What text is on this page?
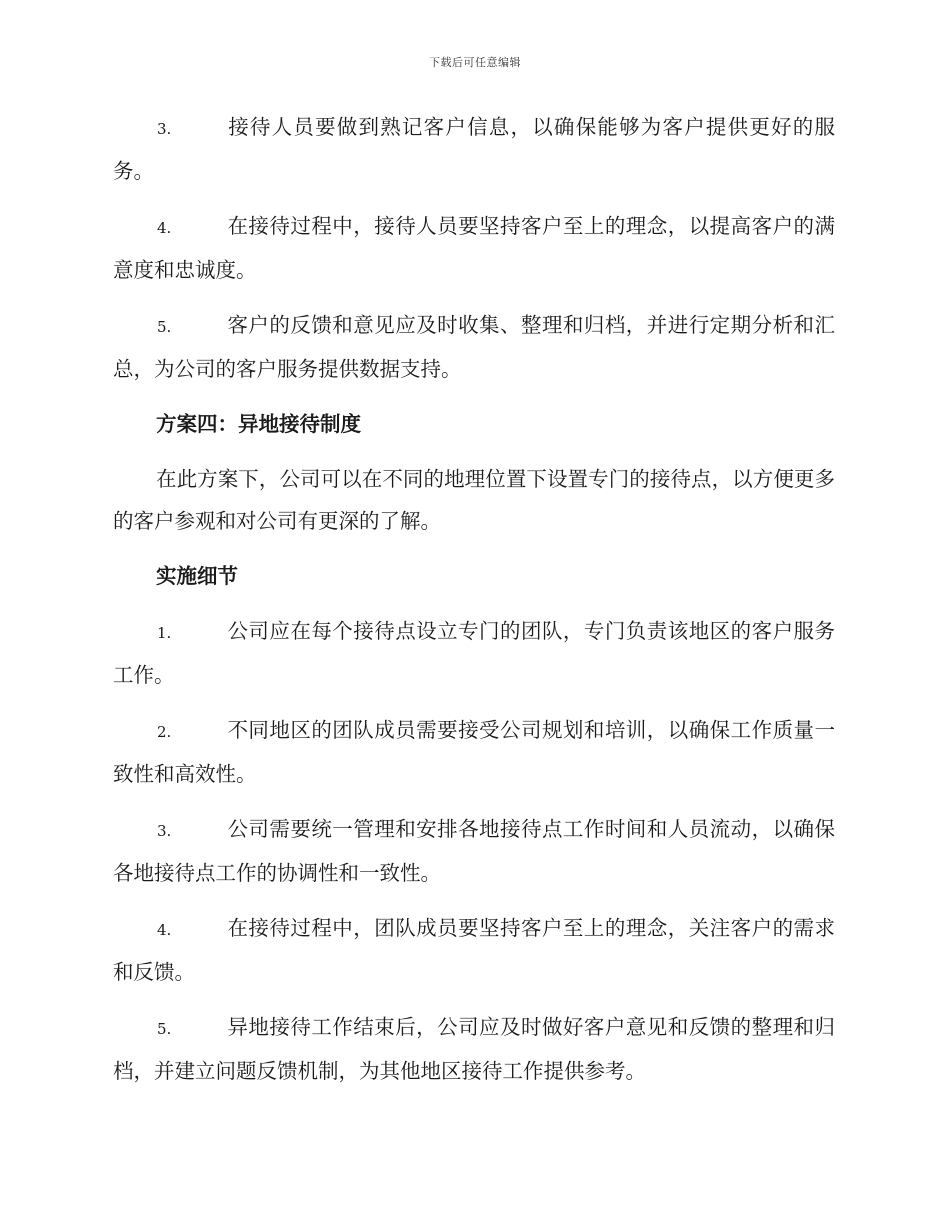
下载后可任意编辑

3.	接待人员要做到熟记客户信息，以确保能够为客户提供更好的服务。

4.	在接待过程中，接待人员要坚持客户至上的理念，以提高客户的满意度和忠诚度。

5.	客户的反馈和意见应及时收集、整理和归档，并进行定期分析和汇总，为公司的客户服务提供数据支持。

方案四：异地接待制度

在此方案下，公司可以在不同的地理位置下设置专门的接待点，以方便更多的客户参观和对公司有更深的了解。

实施细节

1.	公司应在每个接待点设立专门的团队，专门负责该地区的客户服务工作。

2.	不同地区的团队成员需要接受公司规划和培训，以确保工作质量一致性和高效性。

3.	公司需要统一管理和安排各地接待点工作时间和人员流动，以确保各地接待点工作的协调性和一致性。

4.	在接待过程中，团队成员要坚持客户至上的理念，关注客户的需求和反馈。

5.	异地接待工作结束后，公司应及时做好客户意见和反馈的整理和归档，并建立问题反馈机制，为其他地区接待工作提供参考。
